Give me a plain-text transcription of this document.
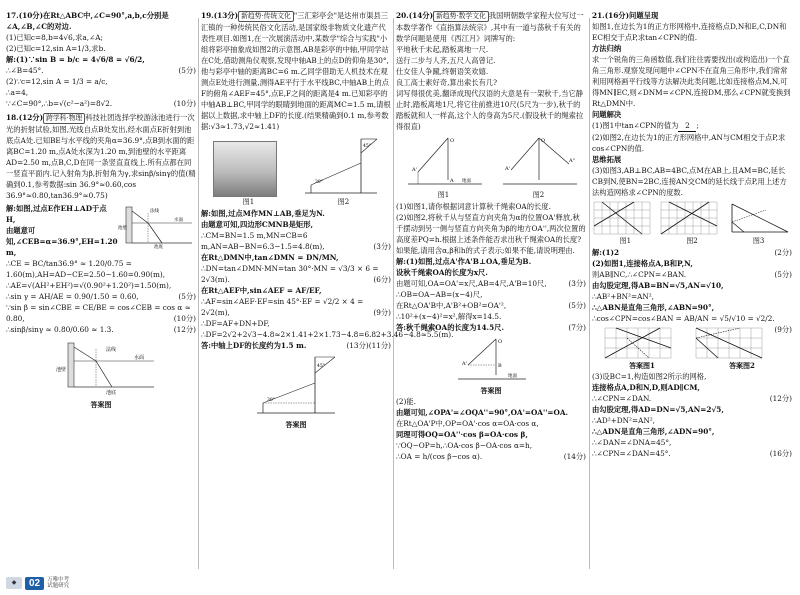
17.(10分)在Rt△ABC中,∠C=90°,a,b,c分别是∠A,∠B,∠C的对边.

(1)已知c=8,b=4√6,求a,∠A;

(2)已知c=12,sin A=1/3,求b.

解:(1)∵sin B = b/c = 4√6/8 = √6/2,

∴∠B=45°.	(5分)

(2)∵c=12,sin A = 1/3 = a/c,

∴a=4,

∵∠C=90°,∴b=√(c²−a²)=8√2.	(10分)

18.(12分) 跨学科·物理 科技社团选择学校游泳池进行一次光的折射试验,如图,光线自点B处发出,经水面点E折射到池底点A处.已知BE与水平线的夹角α=36.9°,点B到水面的距离BC=1.20 m,点A处水深为1.20 m,到池壁的水平距离AD=2.50 m,点B,C,D在同一条竖直直线上.所有点都在同一竖直平面内.记入射角为β,折射角为γ,求sinβ/sinγ的值(精确到0.1,参考数据:sin 36.9°≈0.60,cos 36.9°≈0.80,tan36.9°≈0.75)

解:如图,过点E作EH⊥AD于点H,

由题意可知,∠CEB=α=36.9°,EH=1.20 m,

法线
水面
池底
池壁

∴CE = BC/tan36.9° ≈ 1.20/0.75 = 1.60(m),AH=AD−CE=2.50−1.60=0.90(m),

∴AE=√(AH²+EH²)=√(0.90²+1.20²)=1.50(m),

∴sin γ = AH/AE = 0.90/1.50 = 0.60,	(5分)

∵sin β = sin∠CBE = CE/BE = cos∠CEB = cos α ≈ 0.80,	(10分)

∴sinβ/sinγ ≈ 0.80/0.60 ≈ 1.3.	(12分)

法线
水面
池底
池壁

答案图

19.(13分) 新趋势·传统文化 "三汇彩亭会"是达州市渠县三汇镇的一种传统民俗文化活动,是国家级非物质文化遗产代表性项目.如图1,在一次展演活动中,某数学"综合与实践"小组将彩亭抽象成如图2的示意图,AB是彩亭的中轴,甲同学站在C处,借助测角仪观察,发现中轴AB上的点D的仰角是30°,他与彩亭中轴的距离BC=6 m.乙同学借助无人机技术在观测点E处进行测量,测得AE平行于水平线BC,中轴AB上的点F的俯角∠AEF=45°,点E,F之间的距离是4 m.已知彩亭的中轴AB⊥BC,甲同学的眼睛到地面的距离MC=1.5 m,请根据以上数据,求中轴上DF的长度.(结果精确到0.1 m,参考数据:√3≈1.73,√2≈1.41)

45°
30°
图1	图2

解:如图,过点M作MN⊥AB,垂足为N.

由题意可知,四边形CMNB是矩形,

∴CM=BN=1.5 m,MN=CB=6 m,AN=AB−BN=6.3−1.5=4.8(m),	(3分)

在Rt△DMN中,tan∠DMN = DN/MN,

∴DN=tan∠DMN·MN=tan 30°·MN = √3/3 × 6 = 2√3(m).	(6分)

在Rt△AEF中,sin∠AEF = AF/EF,

∴AF=sin∠AEF·EF=sin 45°·EF = √2/2 × 4 = 2√2(m),	(9分)

∴DF=AF+DN+DF,

∴DF=2√2+2√3−4.8≈2×1.41+2×1.73−4.8=6.82+3.46−4.8≈5.5(m).
(11分)

答:中轴上DF的长度约为1.5 m.	(13分)

45°
30°

答案图

20.(14分) 新趋势·数学文化 我国明朝数学家程大位写过一本数学著作《直指算法统宗》,其中有一道与荡秋千有关的数学问题是使用《西江月》词牌写的:

平地秋千未起,踏板离地一尺.

送行二步与人齐,五尺人高曾记.

仕女佳人争蹴,终朝语笑欢嬉.

良工高士素好奇,算出索长有几?

词写得很优美,翻译成现代汉语的大意是有一架秋千,当它静止时,踏板离地1尺,将它往前推进10尺(5尺为一步),秋千的踏板就和人一样高,这个人的身高为5尺.(假设秋千的绳索拉得很直)

O
A
A'
地面
O
A'
A"
图1	图2

(1)如图1,请你根据词意计算秋千绳索OA的长度.

(2)如图2,将秋千从与竖直方向夹角为α的位置OA'释放,秋千摆动到另一侧与竖直方向夹角为β的地方OA'',两次位置的高度差PQ=h.根据上述条件能否求出秋千绳索OA的长度?如果能,请用含α,β和h的式子表示;如果不能,请说明理由.

解:(1)如图,过点A'作A'B⊥OA,垂足为B.

设秋千绳索OA的长度为x尺.

由题可知,OA=OA'=x尺,AB=4尺,A'B=10尺,	(3分)

∴OB=OA−AB=(x−4)尺,

在Rt△OA'B中,A'B²+OB²=OA'²,	(5分)

∴10²+(x−4)²=x²,解得x=14.5.

答:秋千绳索OA的长度为14.5尺.	(7分)

O
B
A'
地面

答案图

(2)能.

由题可知,∠OPA'=∠OQA''=90°,OA'=OA''=OA.

在Rt△OA'P中,OP=OA'·cos α=OA·cos α,

同理可得OQ=OA''·cos β=OA·cos β,

∵OQ−OP=h,∴OA·cos β−OA·cos α=h,

∴OA = h/(cos β−cos α).	(14分)

21.(16分)问题呈现

如图1,在边长为1的正方形网格中,连接格点D,N和E,C,DN和EC相交于点P,求tan∠CPN的值.

方法归纳

求一个锐角的三角函数值,我们往往需要找出(或构造出)一个直角三角形.观察发现问题中∠CPN不在直角三角形中,我们常常利用网格画平行线等方法解决此类问题,比如连接格点M,N,可得MN∥EC,则∠DNM=∠CPN,连接DM,那么∠CPN就变换到Rt△DMN中.

问题解决

(1)图1中tan∠CPN的值为 2 ;

(2)如图2,在边长为1的正方形网格中,AN与CM相交于点P,求cos∠CPN的值.

思维拓展

(3)如图3,AB⊥BC,AB=4BC,点M在AB上,且AM=BC,延长CB到N,使BN=2BC,连接AN交CM的延长线于点P,用上述方法构造网格求∠CPN的度数.

图1	图2	图3

解:(1)2	(2分)

(2)如图1,连接格点A,B和P,N,

则AB∥NC,∴∠CPN=∠BAN.	(5分)

由勾股定理,得AB=BN=√5,AN=√10,

∴AB²+BN²=AN²,

∴△ABN是直角三角形,∠ABN=90°,

∴cos∠CPN=cos∠BAN = AB/AN = √5/√10 = √2/2.
(9分)

答案图1	答案图2

(3)设BC=1,构造如图2所示的网格,

连接格点A,D和N,D,则AD∥CM,

∴∠CPN=∠DAN.	(12分)

由勾股定理,得AD=DN=√5,AN=2√5,

∴AD²+DN²=AN²,

∴△ADN是直角三角形,∠ADN=90°,

∴∠DAN=∠DNA=45°,

∴∠CPN=∠DAN=45°.	(16分)

◆	02	万唯中考
试题研究
